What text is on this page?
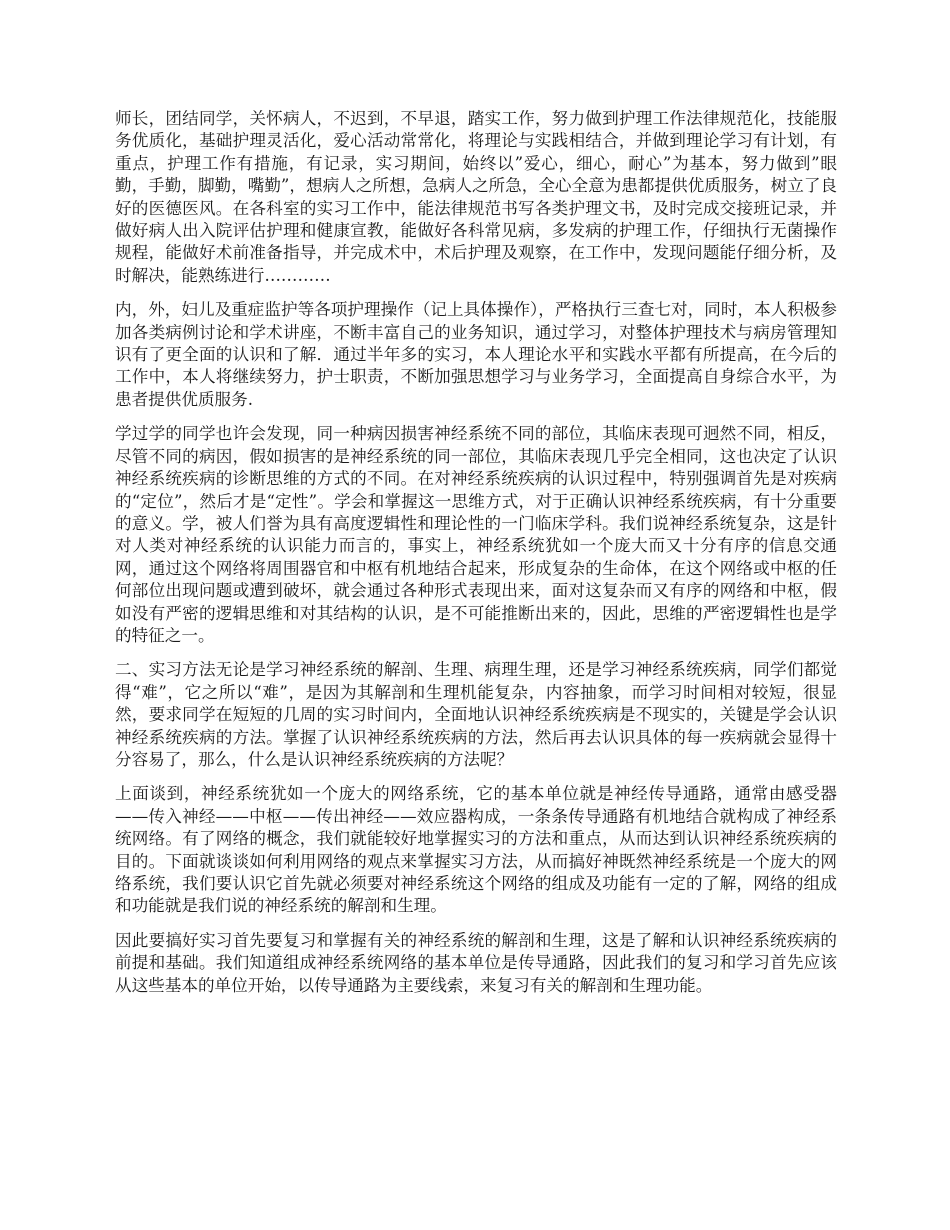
师长，团结同学，关怀病人，不迟到，不早退，踏实工作，努力做到护理工作法律规范化，技能服务优质化，基础护理灵活化，爱心活动常常化，将理论与实践相结合，并做到理论学习有计划，有重点，护理工作有措施，有记录，实习期间，始终以”爱心，细心，耐心”为基本，努力做到”眼勤，手勤，脚勤，嘴勤”，想病人之所想，急病人之所急，全心全意为患都提供优质服务，树立了良好的医德医风。在各科室的实习工作中，能法律规范书写各类护理文书，及时完成交接班记录，并做好病人出入院评估护理和健康宣教，能做好各科常见病，多发病的护理工作，仔细执行无菌操作规程，能做好术前准备指导，并完成术中，术后护理及观察，在工作中，发现问题能仔细分析，及时解决，能熟练进行…………

内，外，妇儿及重症监护等各项护理操作（记上具体操作），严格执行三查七对，同时，本人积极参加各类病例讨论和学术讲座，不断丰富自己的业务知识，通过学习，对整体护理技术与病房管理知识有了更全面的认识和了解．通过半年多的实习，本人理论水平和实践水平都有所提高，在今后的工作中，本人将继续努力，护士职责，不断加强思想学习与业务学习，全面提高自身综合水平，为患者提供优质服务.

学过学的同学也许会发现，同一种病因损害神经系统不同的部位，其临床表现可迥然不同，相反，尽管不同的病因，假如损害的是神经系统的同一部位，其临床表现几乎完全相同，这也决定了认识神经系统疾病的诊断思维的方式的不同。在对神经系统疾病的认识过程中，特别强调首先是对疾病的“定位”，然后才是“定性”。学会和掌握这一思维方式，对于正确认识神经系统疾病，有十分重要的意义。学，被人们誉为具有高度逻辑性和理论性的一门临床学科。我们说神经系统复杂，这是针对人类对神经系统的认识能力而言的，事实上，神经系统犹如一个庞大而又十分有序的信息交通网，通过这个网络将周围器官和中枢有机地结合起来，形成复杂的生命体，在这个网络或中枢的任何部位出现问题或遭到破坏，就会通过各种形式表现出来，面对这复杂而又有序的网络和中枢，假如没有严密的逻辑思维和对其结构的认识，是不可能推断出来的，因此，思维的严密逻辑性也是学的特征之一。

二、实习方法无论是学习神经系统的解剖、生理、病理生理，还是学习神经系统疾病，同学们都觉得“难”，它之所以“难”，是因为其解剖和生理机能复杂，内容抽象，而学习时间相对较短，很显然，要求同学在短短的几周的实习时间内，全面地认识神经系统疾病是不现实的，关键是学会认识神经系统疾病的方法。掌握了认识神经系统疾病的方法，然后再去认识具体的每一疾病就会显得十分容易了，那么，什么是认识神经系统疾病的方法呢？

上面谈到，神经系统犹如一个庞大的网络系统，它的基本单位就是神经传导通路，通常由感受器——传入神经——中枢——传出神经——效应器构成，一条条传导通路有机地结合就构成了神经系统网络。有了网络的概念，我们就能较好地掌握实习的方法和重点，从而达到认识神经系统疾病的目的。下面就谈谈如何利用网络的观点来掌握实习方法，从而搞好神既然神经系统是一个庞大的网络系统，我们要认识它首先就必须要对神经系统这个网络的组成及功能有一定的了解，网络的组成和功能就是我们说的神经系统的解剖和生理。

因此要搞好实习首先要复习和掌握有关的神经系统的解剖和生理，这是了解和认识神经系统疾病的前提和基础。我们知道组成神经系统网络的基本单位是传导通路，因此我们的复习和学习首先应该从这些基本的单位开始，以传导通路为主要线索，来复习有关的解剖和生理功能。
